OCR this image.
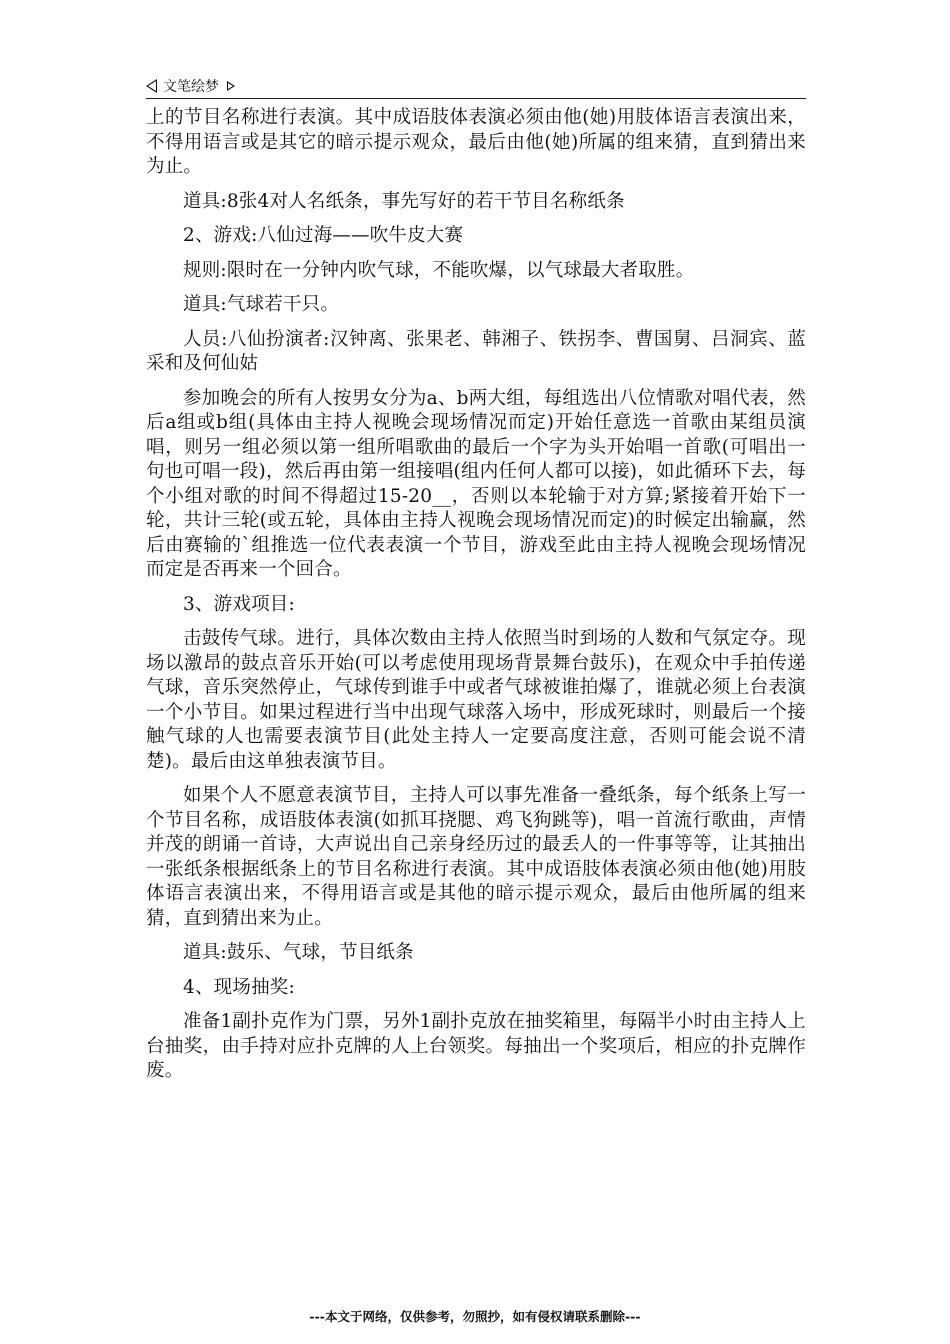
文笔绘梦

上的节目名称进行表演。其中成语肢体表演必须由他(她)用肢体语言表演出来，不得用语言或是其它的暗示提示观众，最后由他(她)所属的组来猜，直到猜出来为止。

道具:8张4对人名纸条，事先写好的若干节目名称纸条

2、游戏:八仙过海——吹牛皮大赛

规则:限时在一分钟内吹气球，不能吹爆，以气球最大者取胜。

道具:气球若干只。

人员:八仙扮演者:汉钟离、张果老、韩湘子、铁拐李、曹国舅、吕洞宾、蓝采和及何仙姑

参加晚会的所有人按男女分为a、b两大组，每组选出八位情歌对唱代表，然后a组或b组(具体由主持人视晚会现场情况而定)开始任意选一首歌由某组员演唱，则另一组必须以第一组所唱歌曲的最后一个字为头开始唱一首歌(可唱出一句也可唱一段)，然后再由第一组接唱(组内任何人都可以接)，如此循环下去，每个小组对歌的时间不得超过15-20__，否则以本轮输于对方算;紧接着开始下一轮，共计三轮(或五轮，具体由主持人视晚会现场情况而定)的时候定出输赢，然后由赛输的`组推选一位代表表演一个节目，游戏至此由主持人视晚会现场情况而定是否再来一个回合。

3、游戏项目:

击鼓传气球。进行，具体次数由主持人依照当时到场的人数和气氛定夺。现场以激昂的鼓点音乐开始(可以考虑使用现场背景舞台鼓乐)，在观众中手拍传递气球，音乐突然停止，气球传到谁手中或者气球被谁拍爆了，谁就必须上台表演一个小节目。如果过程进行当中出现气球落入场中，形成死球时，则最后一个接触气球的人也需要表演节目(此处主持人一定要高度注意，否则可能会说不清楚)。最后由这单独表演节目。

如果个人不愿意表演节目，主持人可以事先准备一叠纸条，每个纸条上写一个节目名称，成语肢体表演(如抓耳挠腮、鸡飞狗跳等)，唱一首流行歌曲，声情并茂的朗诵一首诗，大声说出自己亲身经历过的最丢人的一件事等等，让其抽出一张纸条根据纸条上的节目名称进行表演。其中成语肢体表演必须由他(她)用肢体语言表演出来，不得用语言或是其他的暗示提示观众，最后由他所属的组来猜，直到猜出来为止。

道具:鼓乐、气球，节目纸条

4、现场抽奖:

准备1副扑克作为门票，另外1副扑克放在抽奖箱里，每隔半小时由主持人上台抽奖，由手持对应扑克牌的人上台领奖。每抽出一个奖项后，相应的扑克牌作废。

---本文于网络，仅供参考，勿照抄，如有侵权请联系删除---
